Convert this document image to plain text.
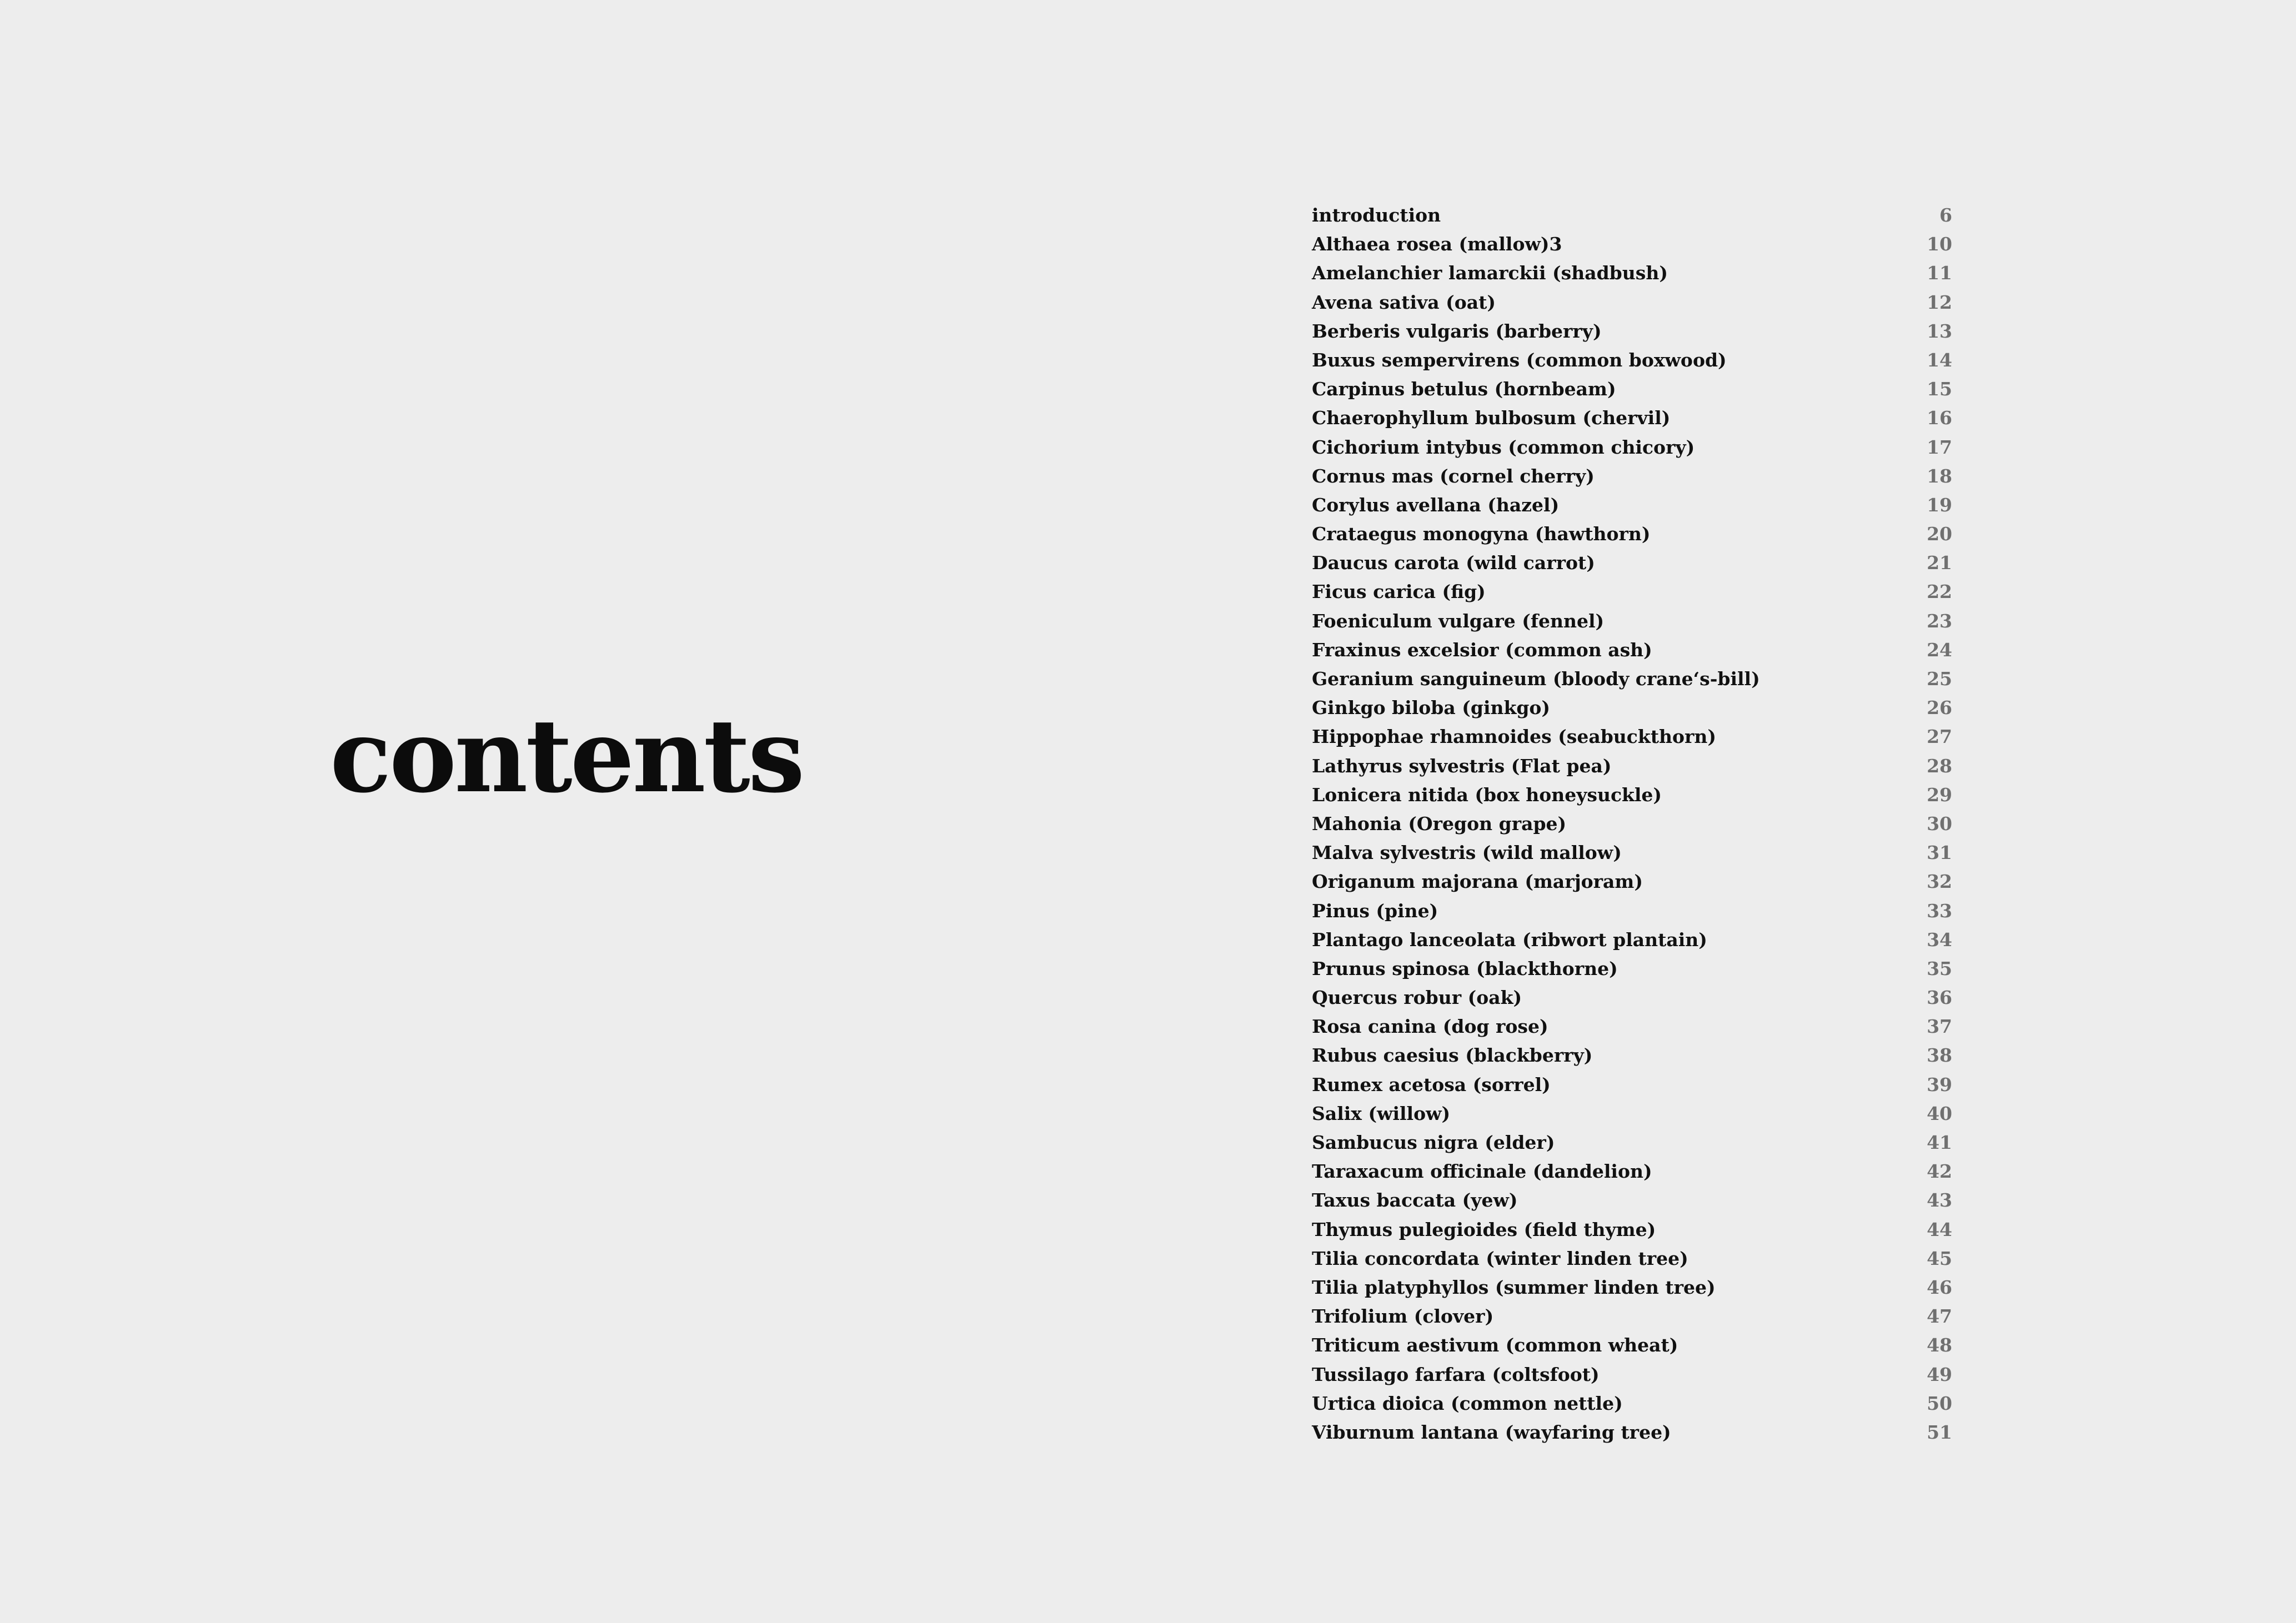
contents
introduction	6
Althaea rosea (mallow)3	10
Amelanchier lamarckii (shadbush)	11
Avena sativa (oat)	12
Berberis vulgaris (barberry)	13
Buxus sempervirens (common boxwood)	14
Carpinus betulus (hornbeam)	15
Chaerophyllum bulbosum (chervil)	16
Cichorium intybus (common chicory)	17
Cornus mas (cornel cherry)	18
Corylus avellana (hazel)	19
Crataegus monogyna (hawthorn)	20
Daucus carota (wild carrot)	21
Ficus carica (fig)	22
Foeniculum vulgare (fennel)	23
Fraxinus excelsior (common ash)	24
Geranium sanguineum (bloody crane‘s-bill)	25
Ginkgo biloba (ginkgo)	26
Hippophae rhamnoides (seabuckthorn)	27
Lathyrus sylvestris (Flat pea)	28
Lonicera nitida (box honeysuckle)	29
Mahonia (Oregon grape)	30
Malva sylvestris (wild mallow)	31
Origanum majorana (marjoram)	32
Pinus (pine)	33
Plantago lanceolata (ribwort plantain)	34
Prunus spinosa (blackthorne)	35
Quercus robur (oak)	36
Rosa canina (dog rose)	37
Rubus caesius (blackberry)	38
Rumex acetosa (sorrel)	39
Salix (willow)	40
Sambucus nigra (elder)	41
Taraxacum officinale (dandelion)	42
Taxus baccata (yew)	43
Thymus pulegioides (field thyme)	44
Tilia concordata (winter linden tree)	45
Tilia platyphyllos (summer linden tree)	46
Trifolium (clover)	47
Triticum aestivum (common wheat)	48
Tussilago farfara (coltsfoot)	49
Urtica dioica (common nettle)	50
Viburnum lantana (wayfaring tree)	51
